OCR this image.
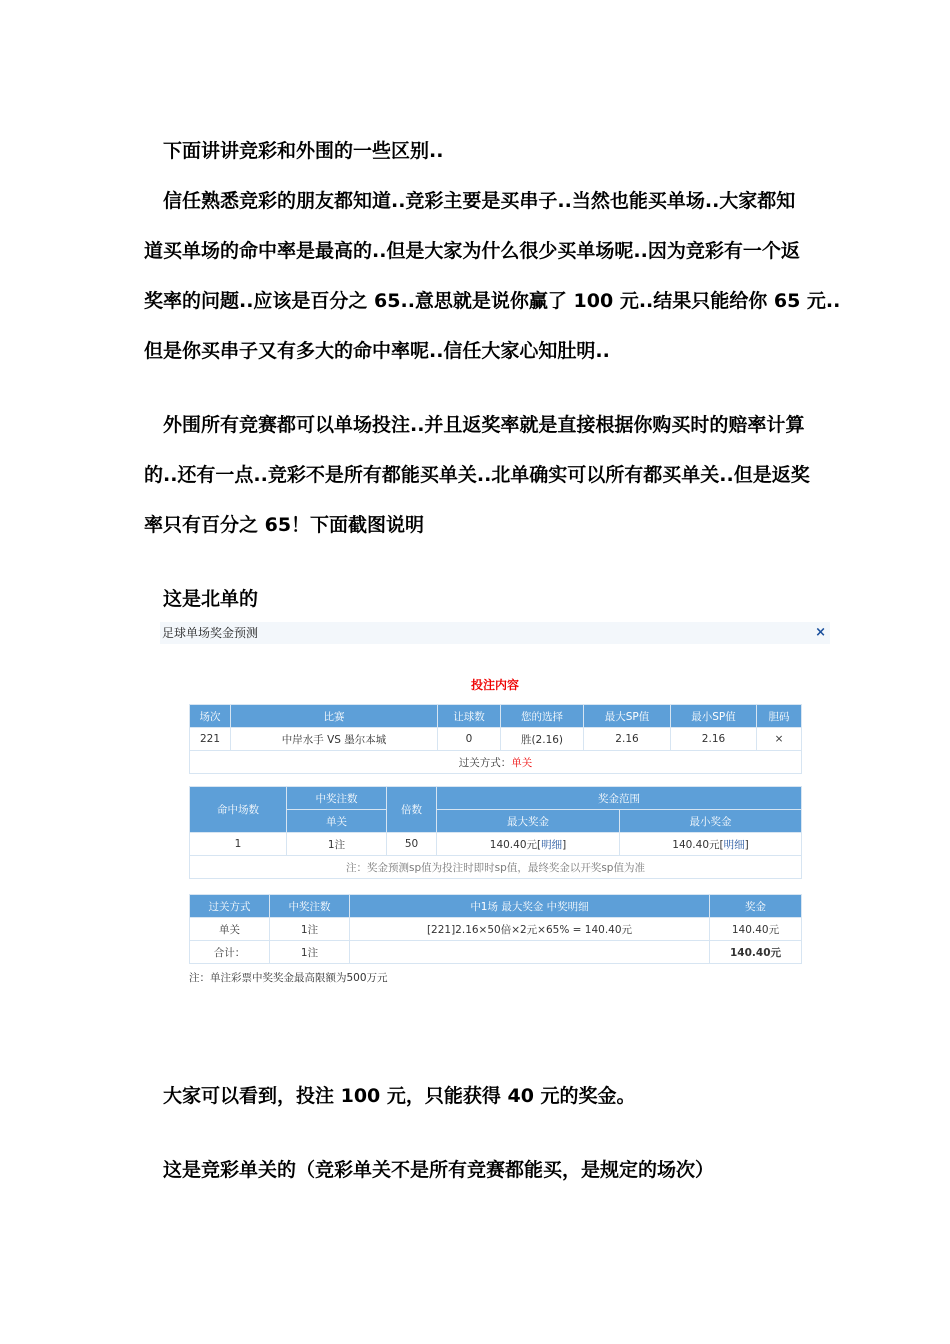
下面讲讲竞彩和外围的一些区别..

信任熟悉竞彩的朋友都知道..竞彩主要是买串子..当然也能买单场..大家都知
道买单场的命中率是最高的..但是大家为什么很少买单场呢..因为竞彩有一个返
奖率的问题..应该是百分之 65..意思就是说你赢了 100 元..结果只能给你 65 元..
但是你买串子又有多大的命中率呢..信任大家心知肚明..

外围所有竞赛都可以单场投注..并且返奖率就是直接根据你购买时的赔率计算
的..还有一点..竞彩不是所有都能买单关..北单确实可以所有都买单关..但是返奖
率只有百分之 65！下面截图说明

这是北单的

足球单场奖金预测	×
投注内容
场次	比赛	让球数	您的选择	最大SP值	最小SP值	胆码
221	中岸水手 VS 墨尔本城	0	胜(2.16)	2.16	2.16	×
过关方式：单关						
命中场数	中奖注数	倍数	奖金范围	
	单关		最大奖金	最小奖金
1	1注	50	140.40元[明细]	140.40元[明细]
注：奖金预测sp值为投注时即时sp值，最终奖金以开奖sp值为准				
过关方式	中奖注数	中1场 最大奖金 中奖明细	奖金
单关	1注	[221]2.16×50倍×2元×65% = 140.40元	140.40元
合计：	1注		140.40元
注：单注彩票中奖奖金最高限额为500万元

大家可以看到，投注 100 元，只能获得 40 元的奖金。

这是竞彩单关的（竞彩单关不是所有竞赛都能买，是规定的场次）
